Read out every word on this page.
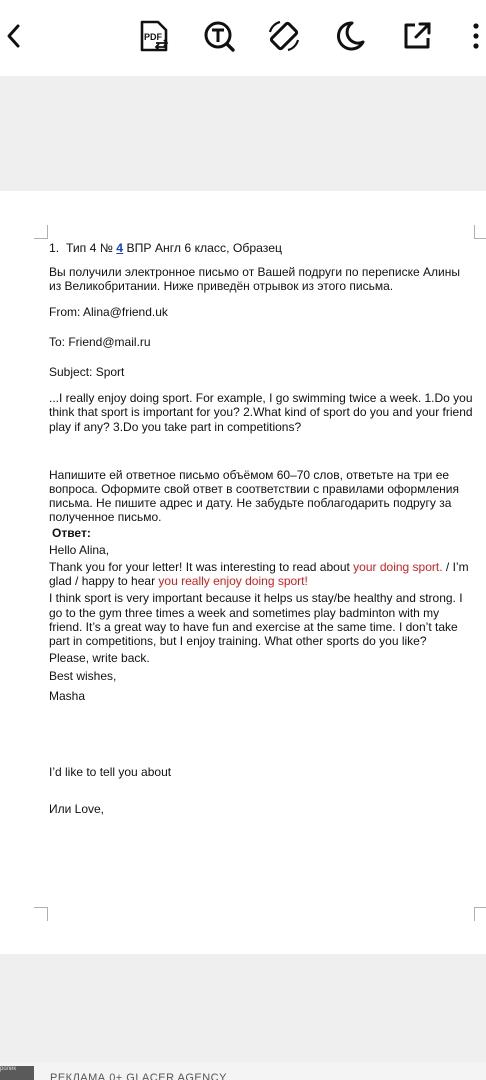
PDF

1. Тип 4 № 4 ВПР Англ 6 класс, Образец

Вы получили электронное письмо от Вашей подруги по переписке Алины из Великобритании. Ниже приведён отрывок из этого письма.

From: Alina@friend.uk

To: Friend@mail.ru

Subject: Sport

...I really enjoy doing sport. For example, I go swimming twice a week. 1.Do you think that sport is important for you? 2.What kind of sport do you and your friend play if any? 3.Do you take part in competitions?

Напишите ей ответное письмо объёмом 60–70 слов, ответьте на три ее вопроса. Оформите свой ответ в соответствии с правилами оформления письма. Не пишите адрес и дату. Не забудьте поблагодарить подругу за полученное письмо.

Ответ:

Hello Alina,

Thank you for your letter! It was interesting to read about your doing sport. / I’m glad / happy to hear you really enjoy doing sport!

I think sport is very important because it helps us stay/be healthy and strong. I go to the gym three times a week and sometimes play badminton with my friend. It’s a great way to have fun and exercise at the same time. I don’t take part in competitions, but I enjoy training. What other sports do you like?

Please, write back.

Best wishes,

Masha

I’d like to tell you about

Или Love,

ролик
РЕКЛАМА 0+ GLACER AGENCY
